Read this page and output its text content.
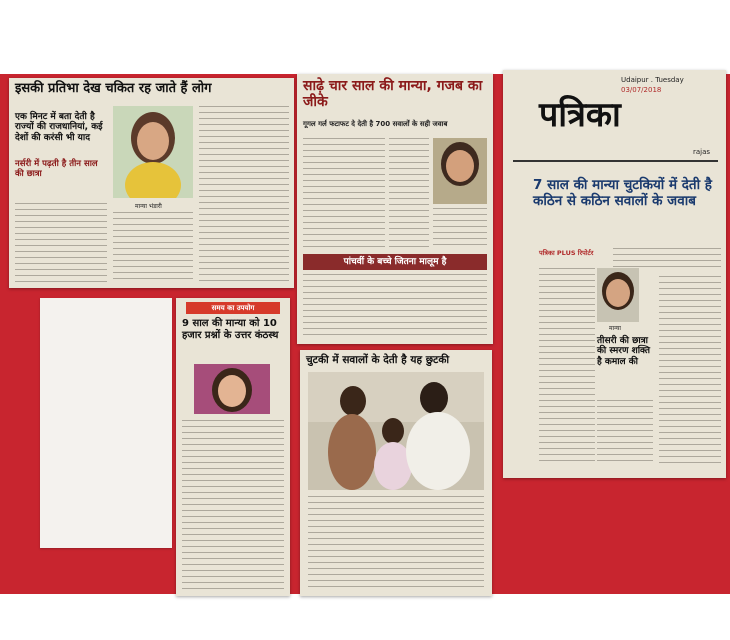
इसकी प्रतिभा देख चकित रह जाते हैं लोग
एक मिनट में बता देती है राज्यों की राजधानियां, कई देशों की करंसी भी याद
नर्सरी में पढ़ती है तीन साल की छात्रा
मान्या भंडारी
साढ़े चार साल की मान्या, गजब का जीके
गूगल गर्ल फटाफट दे देती है 700 सवालों के सही जवाब
पांचवीं के बच्चे जितना मालूम है
Udaipur . Tuesday
03/07/2018
पत्रिका
rajas
7 साल की मान्या चुटकियों में देती है कठिन से कठिन सवालों के जवाब
पत्रिका PLUS रिपोर्टर
मान्या
तीसरी की छात्रा की स्मरण शक्ति है कमाल की
समय का उपयोग
9 साल की मान्या को 10 हजार प्रश्नों के उत्तर कंठस्थ
चुटकी में सवालों के देती है यह छुटकी
